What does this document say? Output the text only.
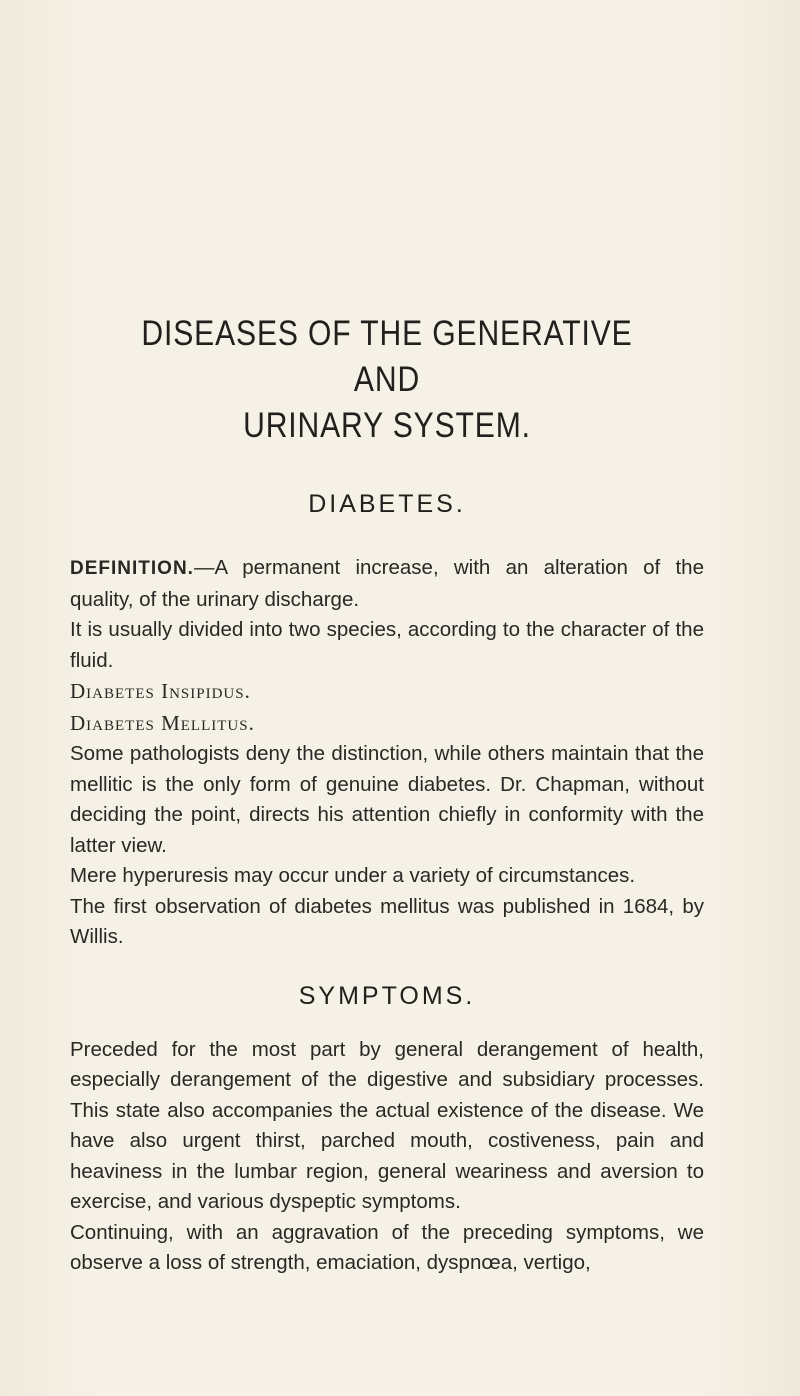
DISEASES OF THE GENERATIVE AND
URINARY SYSTEM.
DIABETES.

DEFINITION.—A permanent increase, with an alteration of the quality, of the urinary discharge.

It is usually divided into two species, according to the character of the fluid.

Diabetes Insipidus.

Diabetes Mellitus.

Some pathologists deny the distinction, while others maintain that the mellitic is the only form of genuine diabetes. Dr. Chapman, without deciding the point, directs his attention chiefly in conformity with the latter view.

Mere hyperuresis may occur under a variety of circumstances.

The first observation of diabetes mellitus was published in 1684, by Willis.

SYMPTOMS.

Preceded for the most part by general derangement of health, especially derangement of the digestive and subsidiary processes. This state also accompanies the actual existence of the disease. We have also urgent thirst, parched mouth, costiveness, pain and heaviness in the lumbar region, general weariness and aversion to exercise, and various dyspeptic symptoms.

Continuing, with an aggravation of the preceding symptoms, we observe a loss of strength, emaciation, dyspnœa, vertigo,
